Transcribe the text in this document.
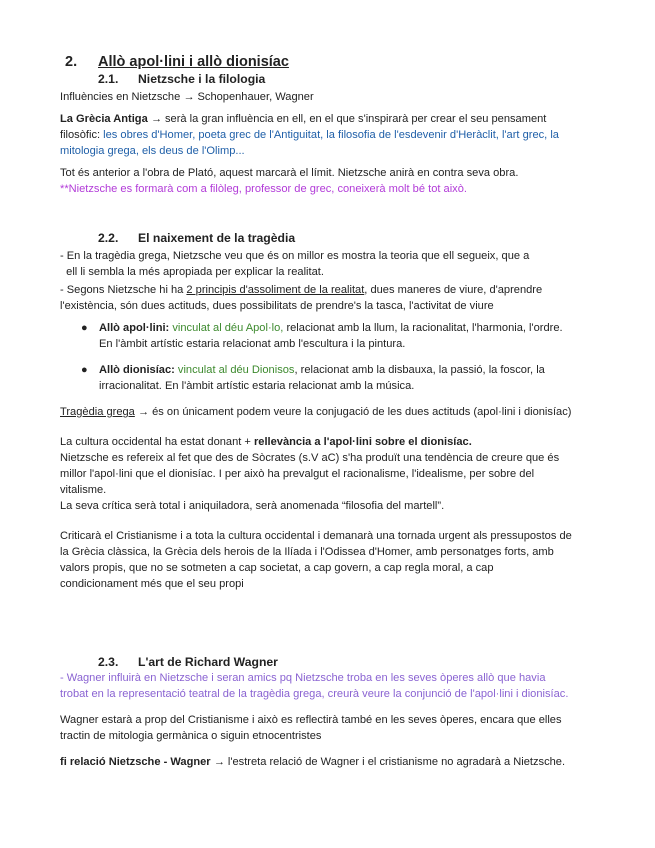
2. Allò apol·lini i allò dionisíac
2.1. Nietzsche i la filologia
Influències en Nietzsche → Schopenhauer, Wagner
La Grècia Antiga → serà la gran influència en ell, en el que s'inspirarà per crear el seu pensament
filosòfic: les obres d'Homer, poeta grec de l'Antiguitat, la filosofia de l'esdevenir d'Heràclit, l'art grec, la
mitologia grega, els deus de l'Olimp...
Tot és anterior a l'obra de Plató, aquest marcarà el límit. Nietzsche anirà en contra seva obra.
**Nietzsche es formarà com a filòleg, professor de grec, coneixerà molt bé tot això.
2.2. El naixement de la tragèdia
- En la tragèdia grega, Nietzsche veu que és on millor es mostra la teoria que ell segueix, que a
ell li sembla la més apropiada per explicar la realitat.
- Segons Nietzsche hi ha 2 principis d'assoliment de la realitat, dues maneres de viure, d'aprendre
l'existència, són dues actituds, dues possibilitats de prendre's la tasca, l'activitat de viure
● Allò apol·lini: vinculat al déu Apol·lo, relacionat amb la llum, la racionalitat, l'harmonia, l'ordre.
En l'àmbit artístic estaria relacionat amb l'escultura i la pintura.
● Allò dionisíac: vinculat al déu Dionisos, relacionat amb la disbauxa, la passió, la foscor, la
irracionalitat. En l'àmbit artístic estaria relacionat amb la música.
Tragèdia grega → és on únicament podem veure la conjugació de les dues actituds (apol·lini i dionisíac)
La cultura occidental ha estat donant + rellevància a l'apol·lini sobre el dionisíac.
Nietzsche es refereix al fet que des de Sòcrates (s.V aC) s'ha produït una tendència de creure que és
millor l'apol·lini que el dionisíac. I per això ha prevalgut el racionalisme, l'idealisme, per sobre del
vitalisme.
La seva crítica serà total i aniquiladora, serà anomenada “filosofia del martell”.
Criticarà el Cristianisme i a tota la cultura occidental i demanarà una tornada urgent als pressupostos de
la Grècia clàssica, la Grècia dels herois de la Ilíada i l'Odissea d'Homer, amb personatges forts, amb
valors propis, que no se sotmeten a cap societat, a cap govern, a cap regla moral, a cap
condicionament més que el seu propi
2.3. L'art de Richard Wagner
- Wagner influirà en Nietzsche i seran amics pq Nietzsche troba en les seves òperes allò que havia
trobat en la representació teatral de la tragèdia grega, creurà veure la conjunció de l'apol·lini i dionisíac.
Wagner estarà a prop del Cristianisme i això es reflectirà també en les seves òperes, encara que elles
tractin de mitologia germànica o siguin etnocentristes
fi relació Nietzsche - Wagner → l'estreta relació de Wagner i el cristianisme no agradarà a Nietzsche.
